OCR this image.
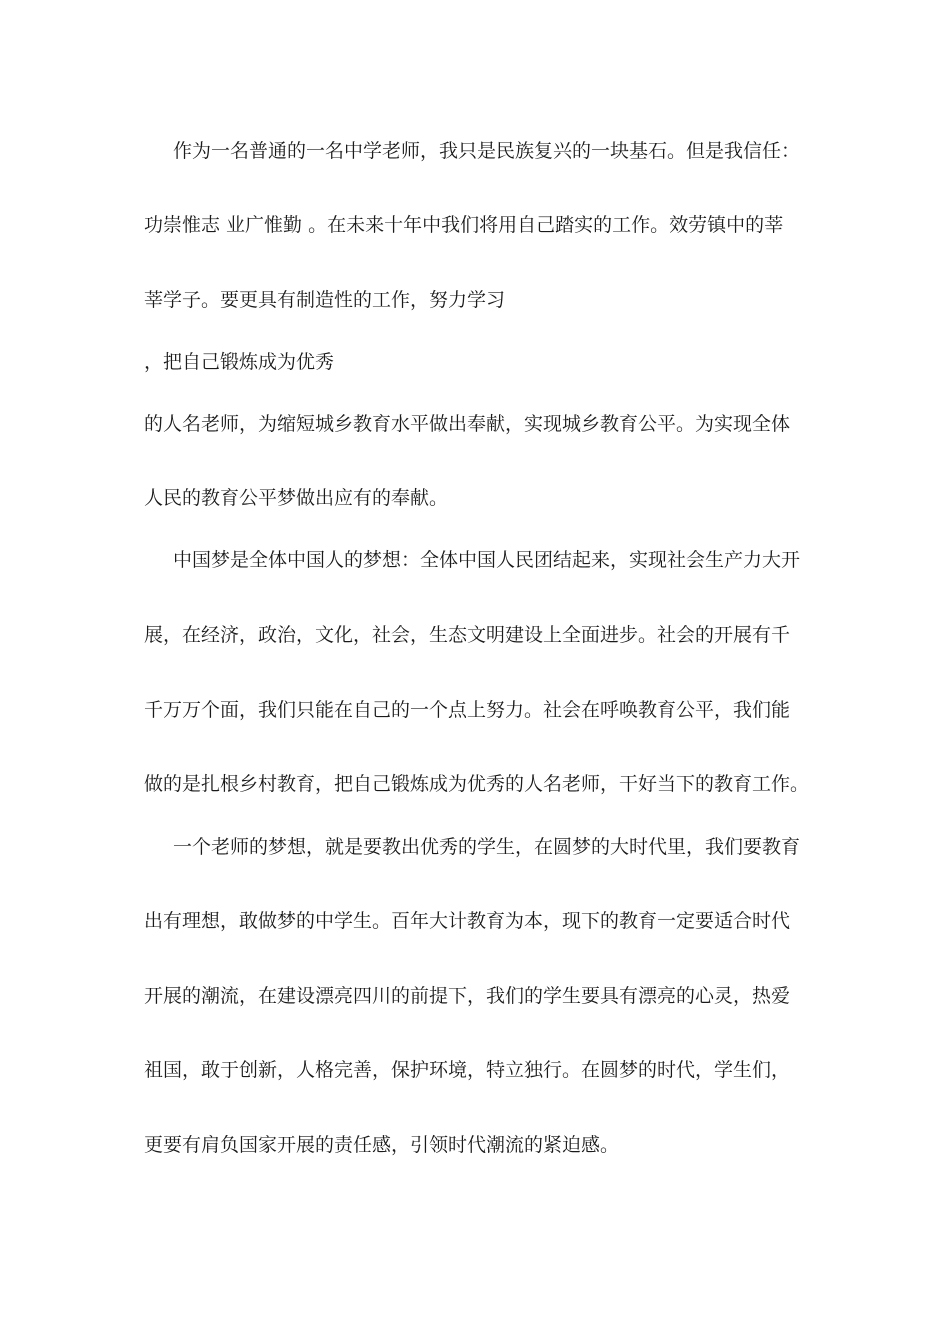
作为一名普通的一名中学老师，我只是民族复兴的一块基石。但是我信任：

功崇惟志 业广惟勤 。在未来十年中我们将用自己踏实的工作。效劳镇中的莘

莘学子。要更具有制造性的工作，努力学习

，把自己锻炼成为优秀

的人名老师，为缩短城乡教育水平做出奉献，实现城乡教育公平。为实现全体

人民的教育公平梦做出应有的奉献。

中国梦是全体中国人的梦想：全体中国人民团结起来，实现社会生产力大开

展，在经济，政治，文化，社会，生态文明建设上全面进步。社会的开展有千

千万万个面，我们只能在自己的一个点上努力。社会在呼唤教育公平，我们能

做的是扎根乡村教育，把自己锻炼成为优秀的人名老师，干好当下的教育工作。

一个老师的梦想，就是要教出优秀的学生，在圆梦的大时代里，我们要教育

出有理想，敢做梦的中学生。百年大计教育为本，现下的教育一定要适合时代

开展的潮流，在建设漂亮四川的前提下，我们的学生要具有漂亮的心灵，热爱

祖国，敢于创新，人格完善，保护环境，特立独行。在圆梦的时代，学生们，

更要有肩负国家开展的责任感，引领时代潮流的紧迫感。
